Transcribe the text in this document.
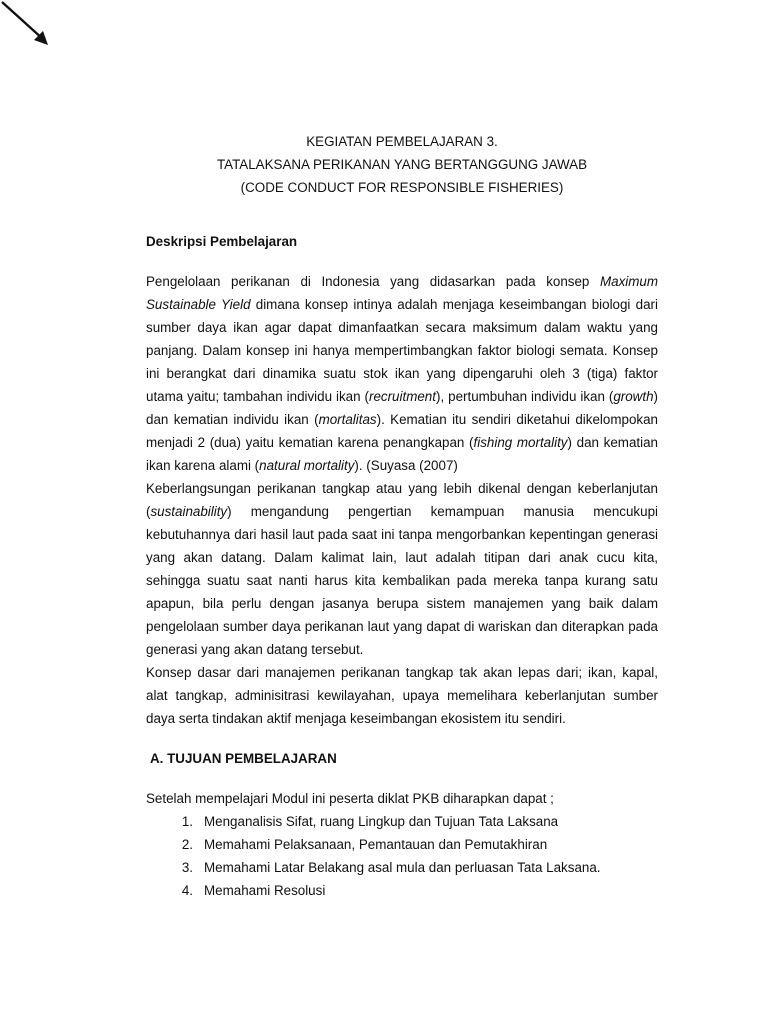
KEGIATAN PEMBELAJARAN 3.
TATALAKSANA PERIKANAN YANG BERTANGGUNG JAWAB
(CODE CONDUCT FOR RESPONSIBLE FISHERIES)

Deskripsi Pembelajaran

Pengelolaan perikanan di Indonesia yang didasarkan pada konsep Maximum Sustainable Yield dimana konsep intinya adalah menjaga keseimbangan biologi dari sumber daya ikan agar dapat dimanfaatkan secara maksimum dalam waktu yang panjang. Dalam konsep ini hanya mempertimbangkan faktor biologi semata. Konsep ini berangkat dari dinamika suatu stok ikan yang dipengaruhi oleh 3 (tiga) faktor utama yaitu; tambahan individu ikan (recruitment), pertumbuhan individu ikan (growth) dan kematian individu ikan (mortalitas). Kematian itu sendiri diketahui dikelompokan menjadi 2 (dua) yaitu kematian karena penangkapan (fishing mortality) dan kematian ikan karena alami (natural mortality). (Suyasa (2007)

Keberlangsungan perikanan tangkap atau yang lebih dikenal dengan keberlanjutan (sustainability) mengandung pengertian kemampuan manusia mencukupi kebutuhannya dari hasil laut pada saat ini tanpa mengorbankan kepentingan generasi yang akan datang. Dalam kalimat lain, laut adalah titipan dari anak cucu kita, sehingga suatu saat nanti harus kita kembalikan pada mereka tanpa kurang satu apapun, bila perlu dengan jasanya berupa sistem manajemen yang baik dalam pengelolaan sumber daya perikanan laut yang dapat di wariskan dan diterapkan pada generasi yang akan datang tersebut.

Konsep dasar dari manajemen perikanan tangkap tak akan lepas dari; ikan, kapal, alat tangkap, adminisitrasi kewilayahan, upaya memelihara keberlanjutan sumber daya serta tindakan aktif menjaga keseimbangan ekosistem itu sendiri.

A. TUJUAN PEMBELAJARAN

Setelah mempelajari Modul ini peserta diklat PKB diharapkan dapat ;

1. Menganalisis Sifat, ruang Lingkup dan Tujuan Tata Laksana
2. Memahami Pelaksanaan, Pemantauan dan Pemutakhiran
3. Memahami Latar Belakang asal mula dan perluasan Tata Laksana.
4. Memahami Resolusi
